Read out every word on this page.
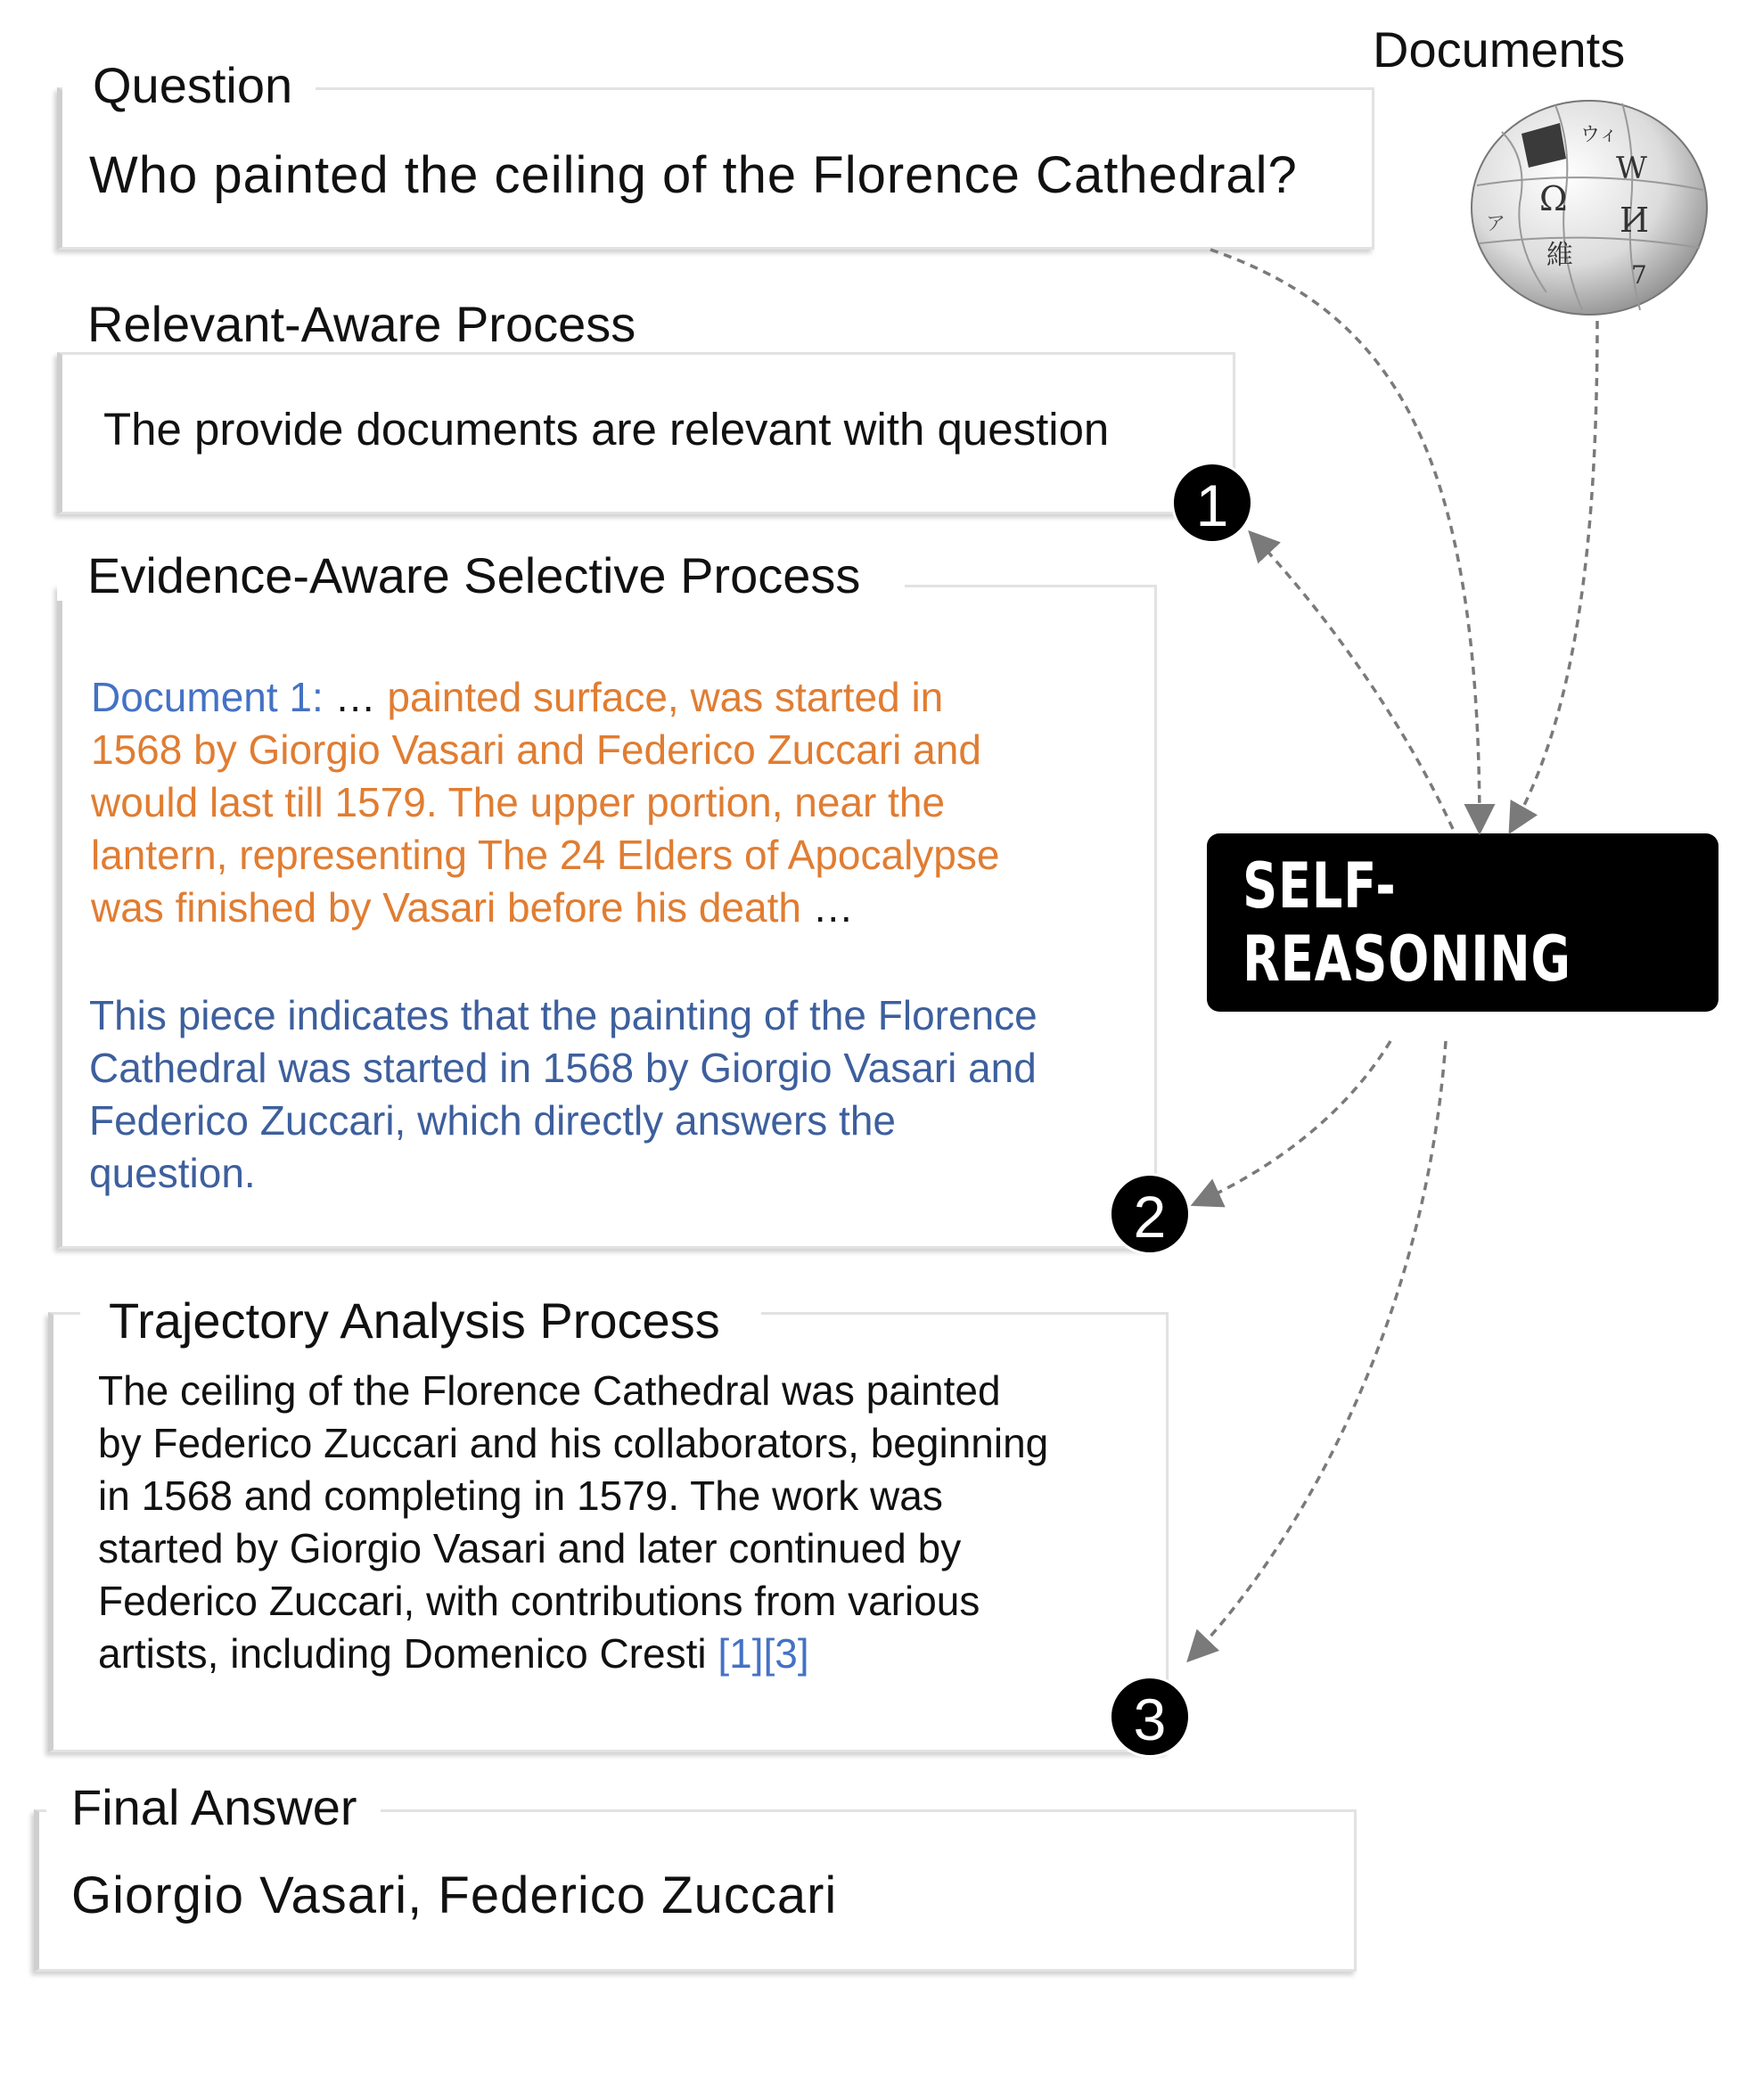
Documents
W
Ω
И
維
ウィ
ア
7
Who painted the ceiling of the Florence Cathedral?
Question
The provide documents are relevant with question
Relevant-Aware Process
1
Document 1: … painted surface, was started in
1568 by Giorgio Vasari and Federico Zuccari and
would last till 1579. The upper portion, near the
lantern, representing The 24 Elders of Apocalypse
was finished by Vasari before his death …
This piece indicates that the painting of the Florence
Cathedral was started in 1568 by Giorgio Vasari and
Federico Zuccari, which directly answers the
question.
Evidence-Aware Selective Process
2
The ceiling of the Florence Cathedral was painted
by Federico Zuccari and his collaborators, beginning
in 1568 and completing in 1579. The work was
started by Giorgio Vasari and later continued by
Federico Zuccari, with contributions from various
artists, including Domenico Cresti [1][3]
Trajectory Analysis Process
3
Giorgio Vasari, Federico Zuccari
Final Answer
SELF-REASONING
